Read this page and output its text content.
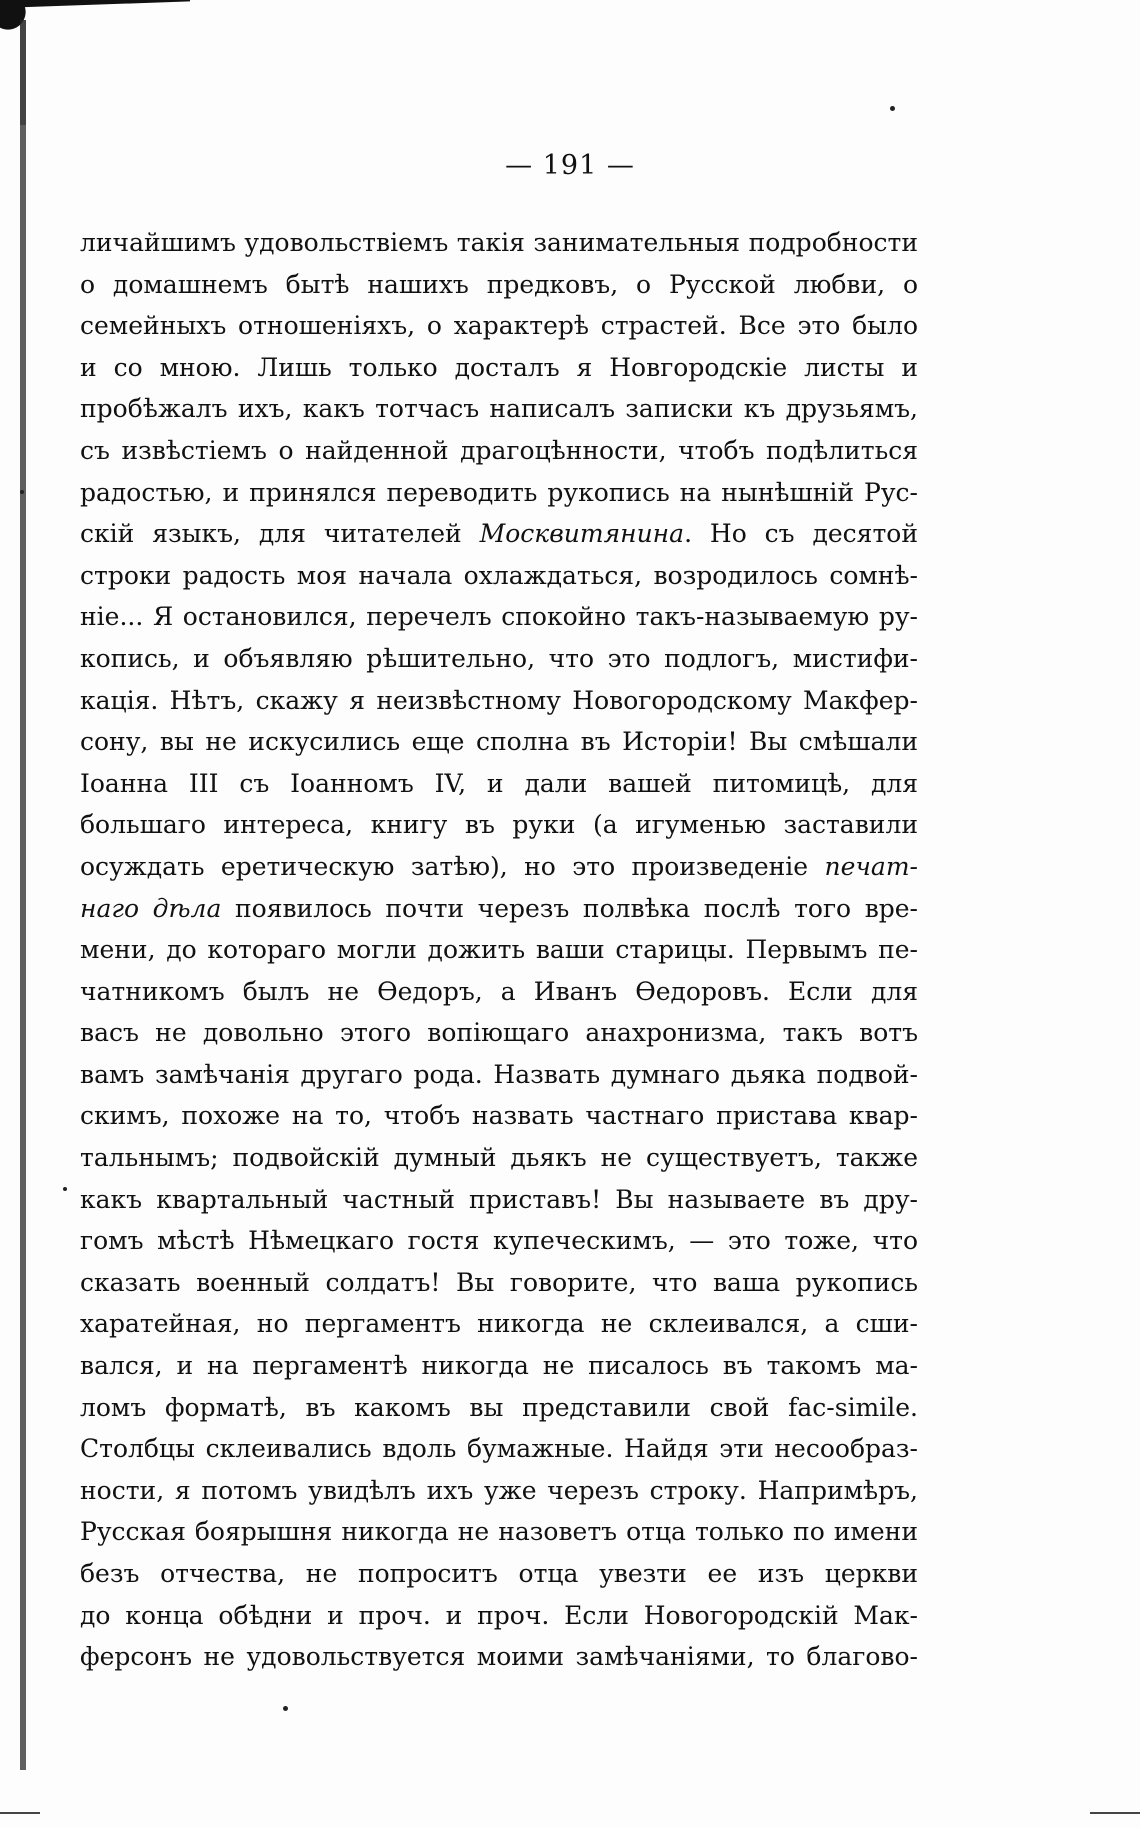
— 191 —
личайшимъ удовольствіемъ такія занимательныя подробности
о домашнемъ бытѣ нашихъ предковъ, о Русской любви, о
семейныхъ отношеніяхъ, о характерѣ страстей. Все это было
и со мною. Лишь только досталъ я Новгородскіе листы и
пробѣжалъ ихъ, какъ тотчасъ написалъ записки къ друзьямъ,
съ извѣстіемъ о найденной драгоцѣнности, чтобъ подѣлиться
радостью, и принялся переводить рукопись на нынѣшній Рус-
скій языкъ, для читателей Москвитянина. Но съ десятой
строки радость моя начала охлаждаться, возродилось сомнѣ-
ніе... Я остановился, перечелъ спокойно такъ-называемую ру-
копись, и объявляю рѣшительно, что это подлогъ, мистифи-
кація. Нѣтъ, скажу я неизвѣстному Новогородскому Макфер-
сону, вы не искусились еще сполна въ Исторіи! Вы смѣшали
Іоанна III съ Іоанномъ IV, и дали вашей питомицѣ, для
большаго интереса, книгу въ руки (а игуменью заставили
осуждать еретическую затѣю), но это произведеніе печат-
наго дѣла появилось почти черезъ полвѣка послѣ того вре-
мени, до котораго могли дожить ваши старицы. Первымъ пе-
чатникомъ былъ не Ѳедоръ, а Иванъ Ѳедоровъ. Если для
васъ не довольно этого вопіющаго анахронизма, такъ вотъ
вамъ замѣчанія другаго рода. Назвать думнаго дьяка подвой-
скимъ, похоже на то, чтобъ назвать частнаго пристава квар-
тальнымъ; подвойскій думный дьякъ не существуетъ, также
какъ квартальный частный приставъ! Вы называете въ дру-
гомъ мѣстѣ Нѣмецкаго гостя купеческимъ, — это тоже, что
сказать военный солдатъ! Вы говорите, что ваша рукопись
харатейная, но пергаментъ никогда не склеивался, а сши-
вался, и на пергаментѣ никогда не писалось въ такомъ ма-
ломъ форматѣ, въ какомъ вы представили свой fac-simile.
Столбцы склеивались вдоль бумажные. Найдя эти несообраз-
ности, я потомъ увидѣлъ ихъ уже черезъ строку. Напримѣръ,
Русская боярышня никогда не назоветъ отца только по имени
безъ отчества, не попроситъ отца увезти ее изъ церкви
до конца обѣдни и проч. и проч. Если Новогородскій Мак-
ферсонъ не удовольствуется моими замѣчаніями, то благово-
